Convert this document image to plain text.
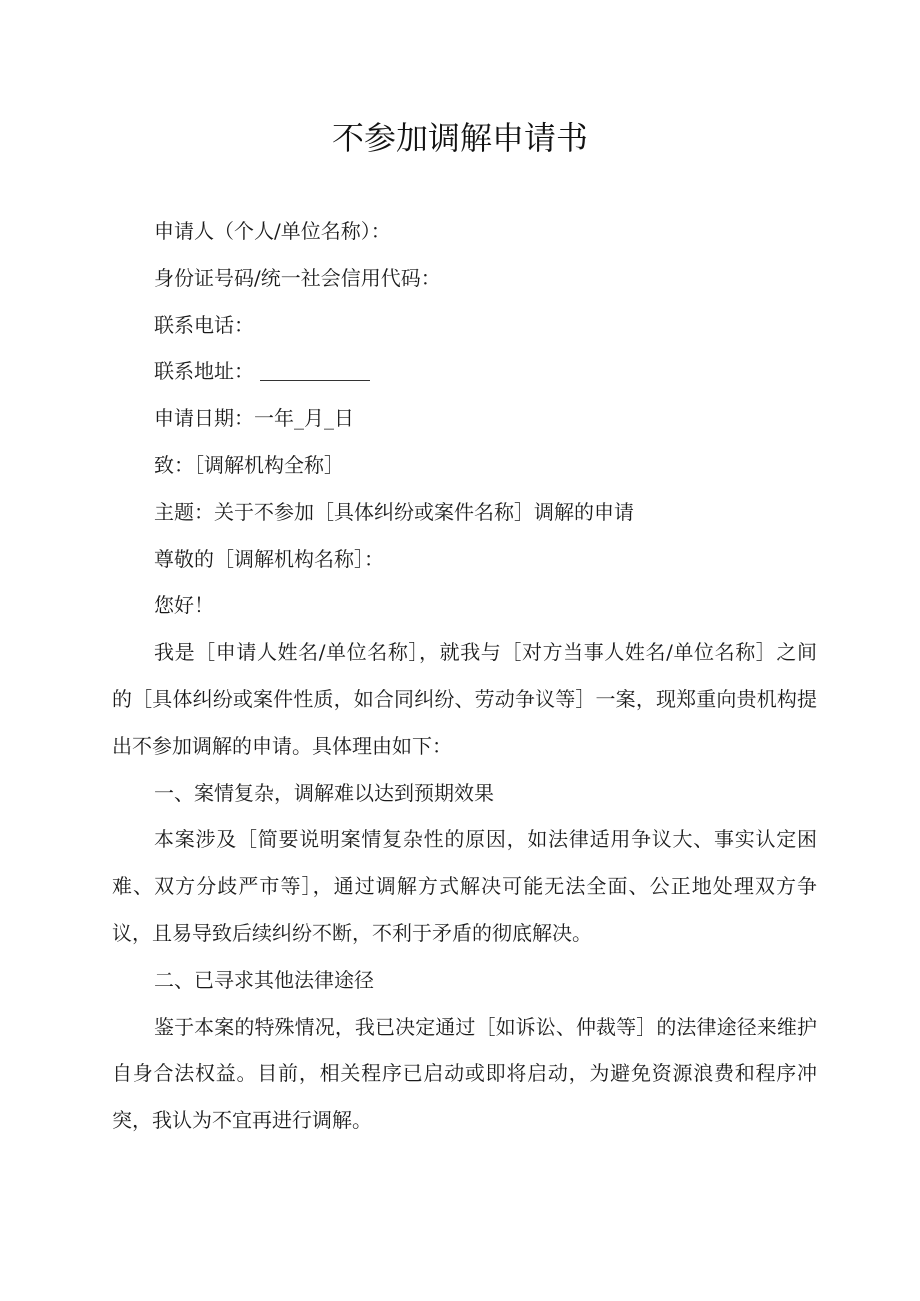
不参加调解申请书

申请人（个人/单位名称）：

身份证号码/统一社会信用代码：

联系电话：

联系地址：

申请日期：一年_月_日

致：［调解机构全称］

主题：关于不参加［具体纠纷或案件名称］调解的申请

尊敬的［调解机构名称］：

您好！

我是［申请人姓名/单位名称］，就我与［对方当事人姓名/单位名称］之间的［具体纠纷或案件性质，如合同纠纷、劳动争议等］一案，现郑重向贵机构提出不参加调解的申请。具体理由如下：

一、案情复杂，调解难以达到预期效果

本案涉及［简要说明案情复杂性的原因，如法律适用争议大、事实认定困难、双方分歧严市等］，通过调解方式解决可能无法全面、公正地处理双方争议，且易导致后续纠纷不断，不利于矛盾的彻底解决。

二、已寻求其他法律途径

鉴于本案的特殊情况，我已决定通过［如诉讼、仲裁等］的法律途径来维护自身合法权益。目前，相关程序已启动或即将启动，为避免资源浪费和程序冲突，我认为不宜再进行调解。
